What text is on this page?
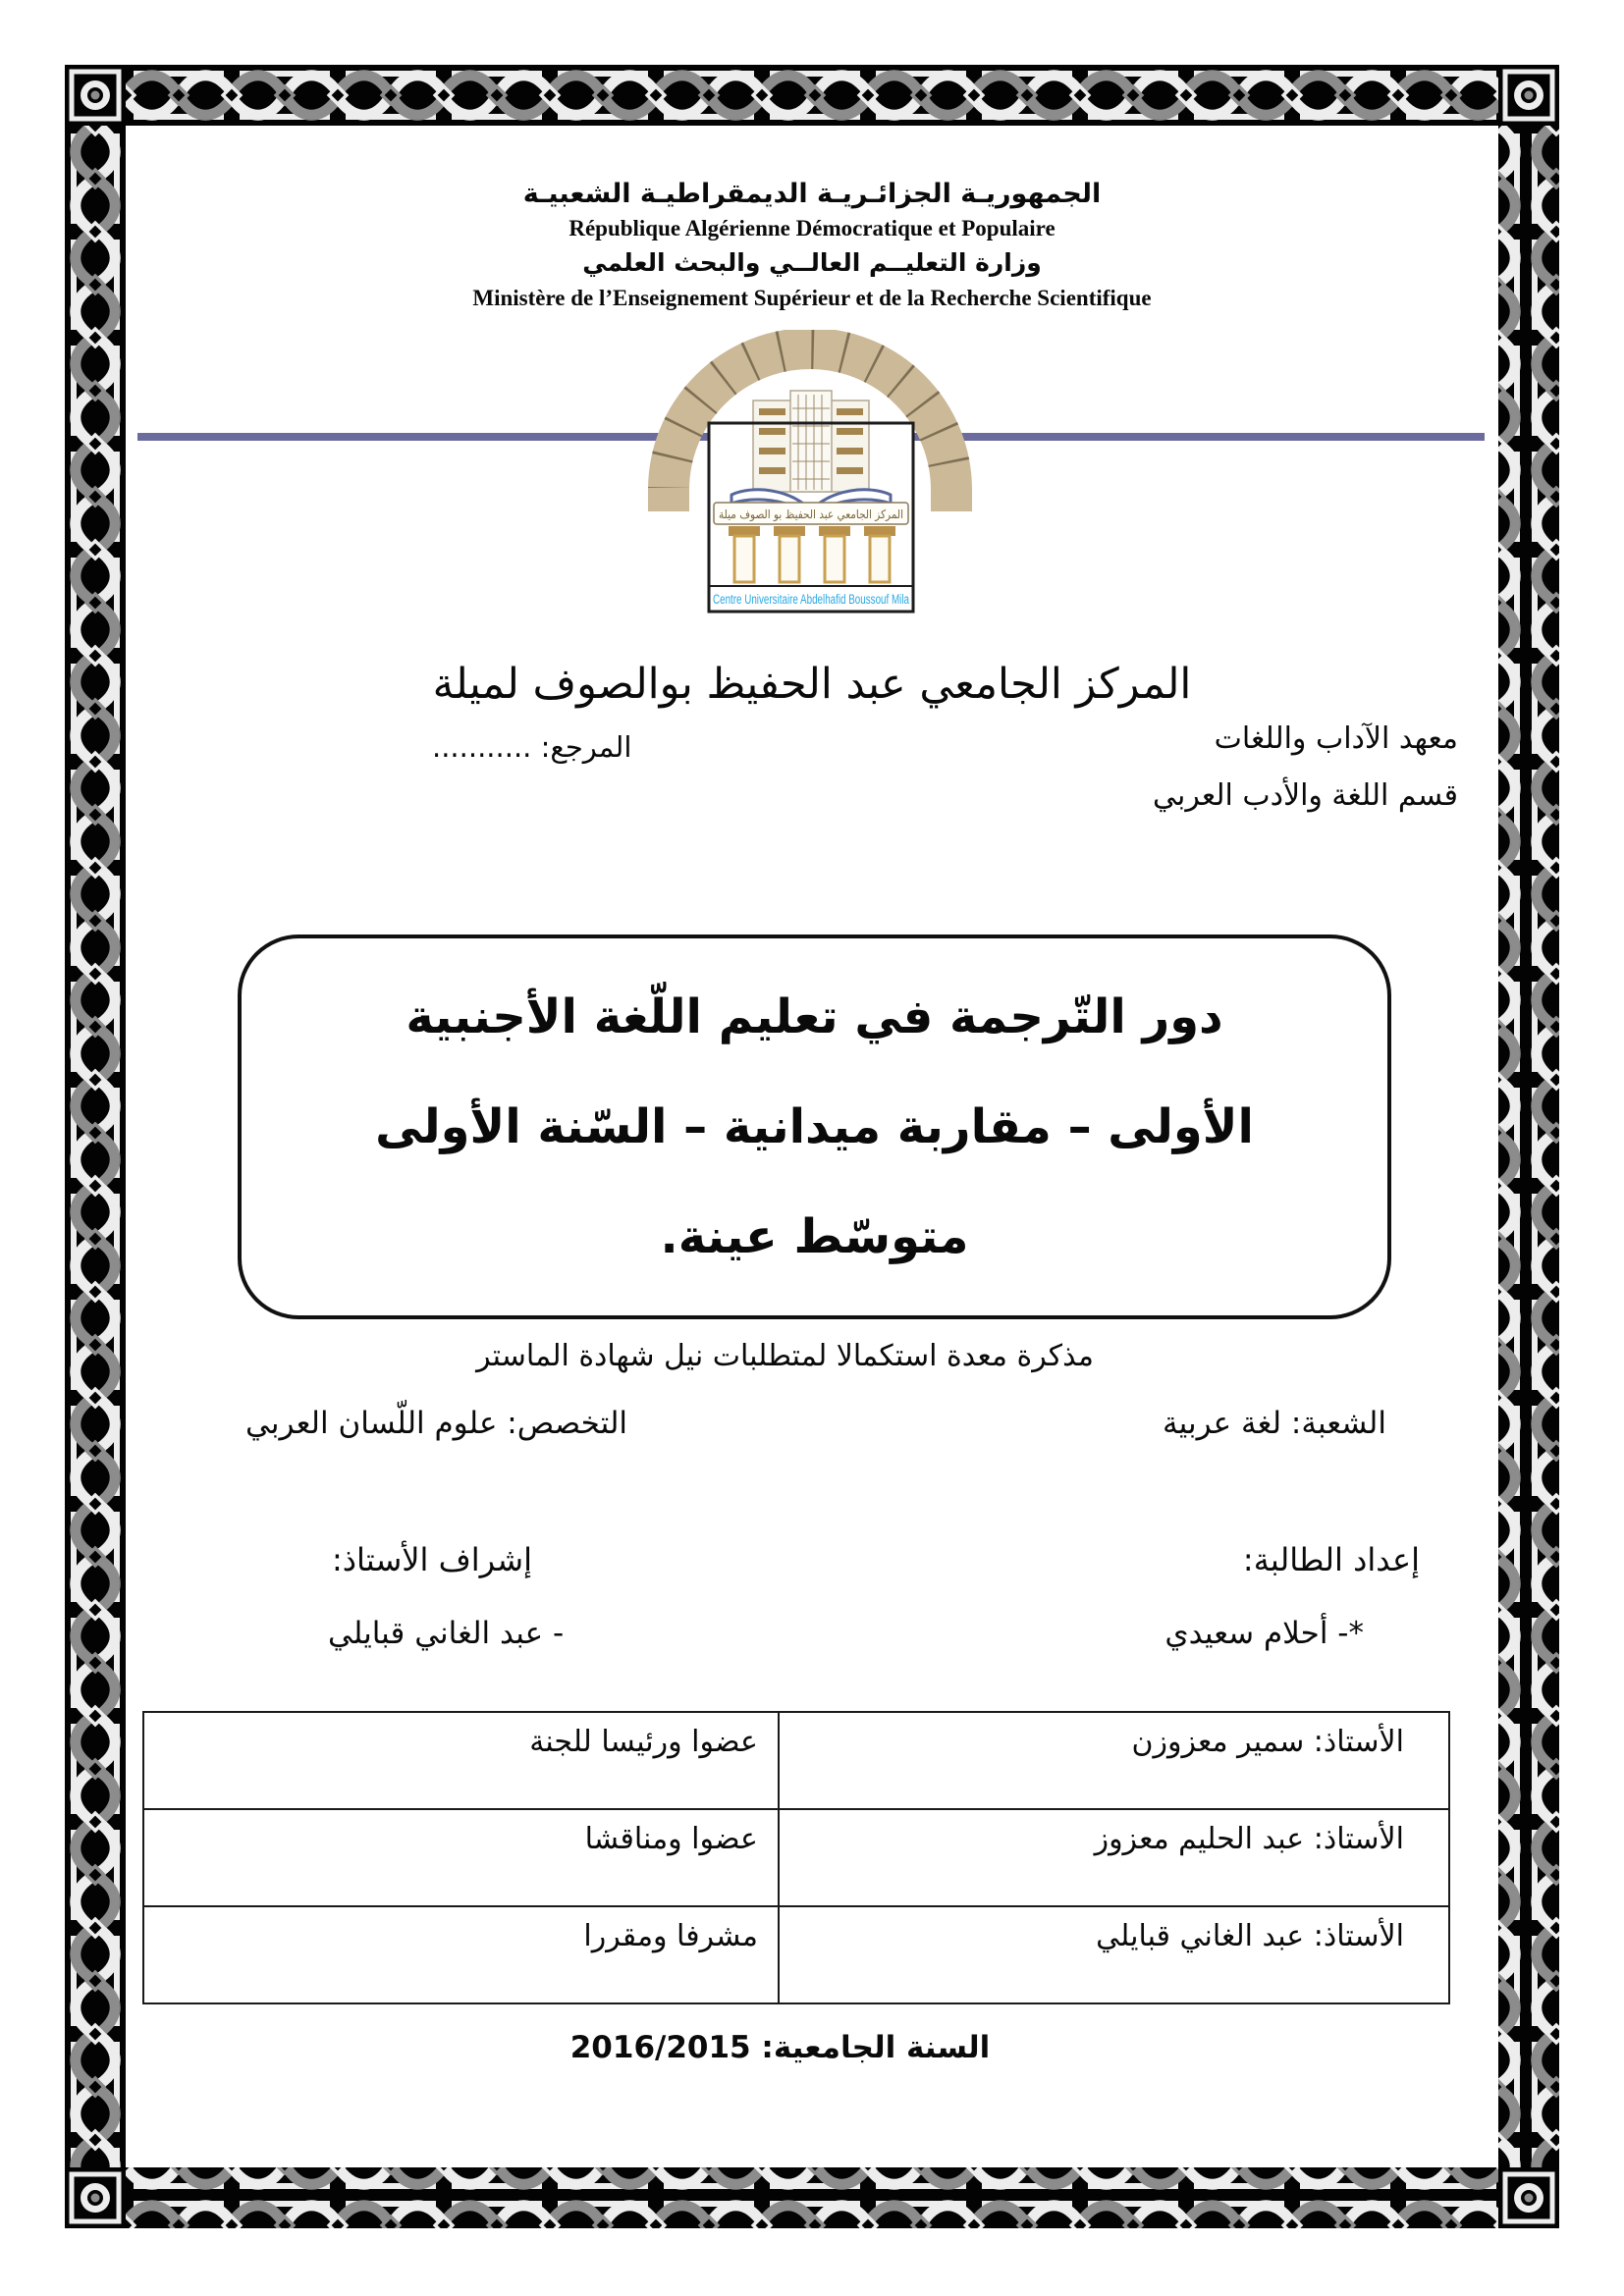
الجمهوريـة الجزائـريـة الديمقراطيـة الشعبيـة
République Algérienne Démocratique et Populaire
وزارة التعليــم العالــي والبحث العلمي
Ministère de l’Enseignement Supérieur et de la Recherche Scientifique
المركز الجامعي عبد الحفيظ بو الصوف ميلة
Centre Universitaire Abdelhafid Boussouf Mila
المركز الجامعي عبد الحفيظ بوالصوف لميلة
معهد الآداب واللغات
المرجع: ...........
قسم اللغة والأدب العربي
دور التّرجمة في تعليم اللّغة الأجنبية
الأولى – مقاربة ميدانية – السّنة الأولى
متوسّط عينة.
مذكرة معدة استكمالا لمتطلبات نيل شهادة الماستر
الشعبة: لغة عربية
التخصص: علوم اللّسان العربي
إعداد الطالبة:
إشراف الأستاذ:
*- أحلام سعيدي
- عبد الغاني قبايلي
الأستاذ: سمير معزوزن	عضوا ورئيسا للجنة
الأستاذ: عبد الحليم معزوز	عضوا ومناقشا
الأستاذ: عبد الغاني قبايلي	مشرفا ومقررا
السنة الجامعية: 2016/2015
